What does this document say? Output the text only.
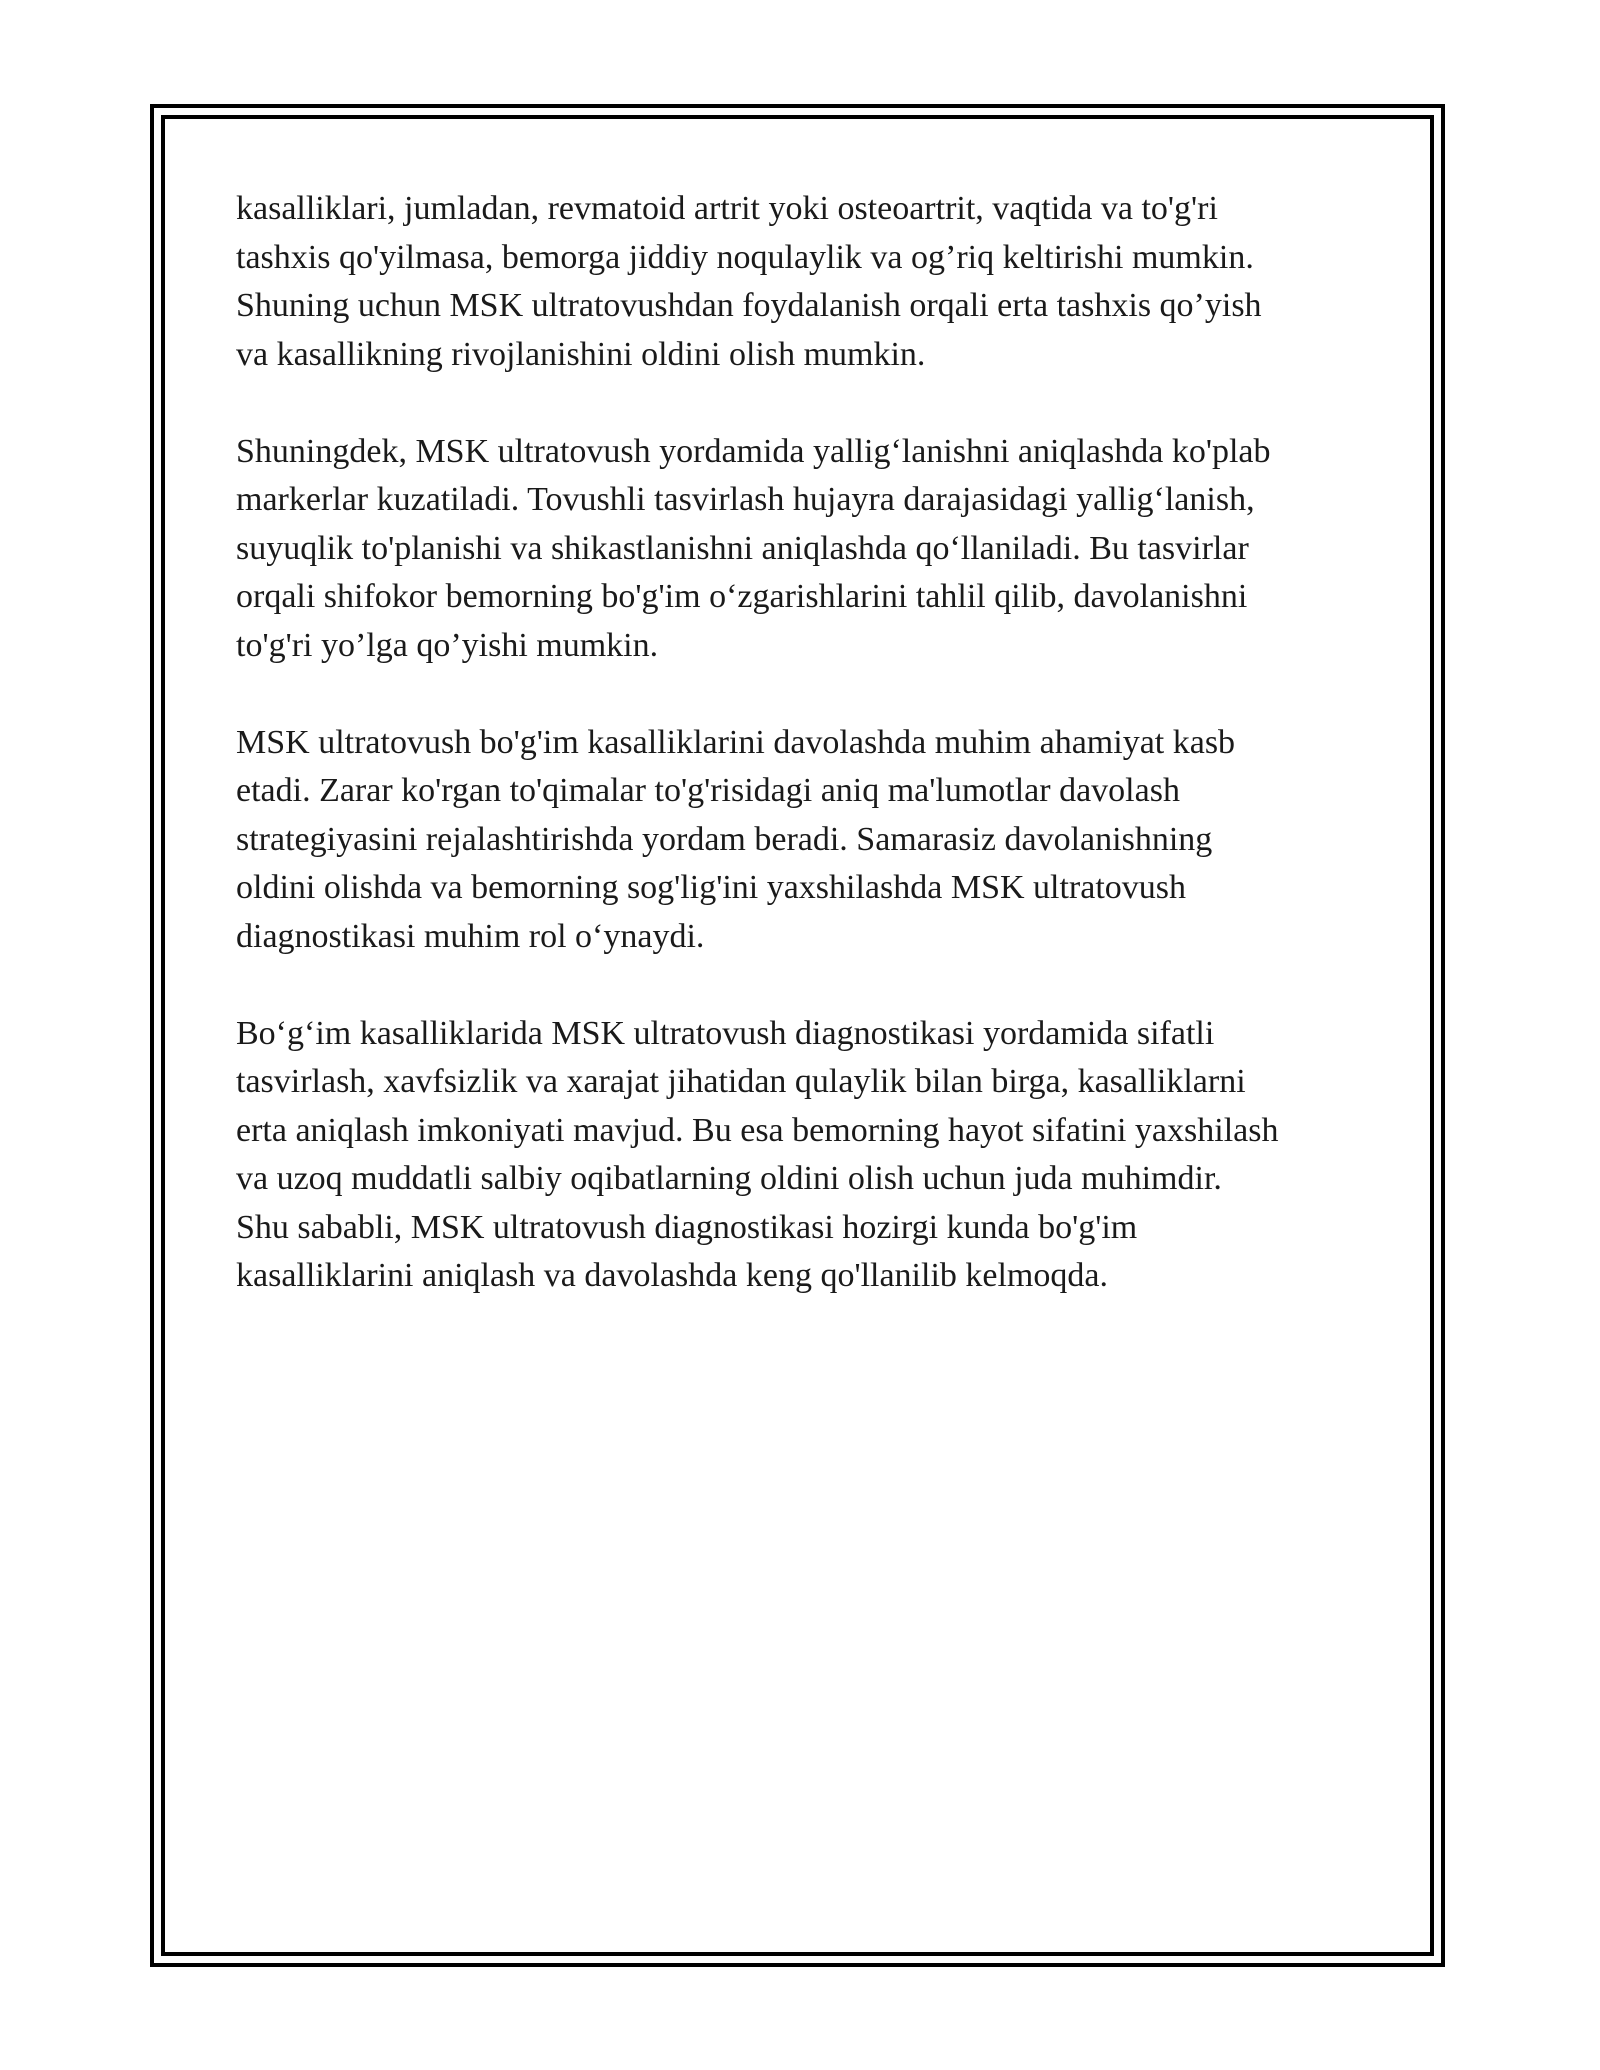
kasalliklari, jumladan, revmatoid artrit yoki osteoartrit, vaqtida va to'g'ri
tashxis qo'yilmasa, bemorga jiddiy noqulaylik va og’riq keltirishi mumkin.
Shuning uchun MSK ultratovushdan foydalanish orqali erta tashxis qo’yish
va kasallikning rivojlanishini oldini olish mumkin.

Shuningdek, MSK ultratovush yordamida yallig‘lanishni aniqlashda ko'plab
markerlar kuzatiladi. Tovushli tasvirlash hujayra darajasidagi yallig‘lanish,
suyuqlik to'planishi va shikastlanishni aniqlashda qo‘llaniladi. Bu tasvirlar
orqali shifokor bemorning bo'g'im o‘zgarishlarini tahlil qilib, davolanishni
to'g'ri yo’lga qo’yishi mumkin.

MSK ultratovush bo'g'im kasalliklarini davolashda muhim ahamiyat kasb
etadi. Zarar ko'rgan to'qimalar to'g'risidagi aniq ma'lumotlar davolash
strategiyasini rejalashtirishda yordam beradi. Samarasiz davolanishning
oldini olishda va bemorning sog'lig'ini yaxshilashda MSK ultratovush
diagnostikasi muhim rol o‘ynaydi.

Bo‘g‘im kasalliklarida MSK ultratovush diagnostikasi yordamida sifatli
tasvirlash, xavfsizlik va xarajat jihatidan qulaylik bilan birga, kasalliklarni
erta aniqlash imkoniyati mavjud. Bu esa bemorning hayot sifatini yaxshilash
va uzoq muddatli salbiy oqibatlarning oldini olish uchun juda muhimdir.
Shu sababli, MSK ultratovush diagnostikasi hozirgi kunda bo'g'im
kasalliklarini aniqlash va davolashda keng qo'llanilib kelmoqda.
